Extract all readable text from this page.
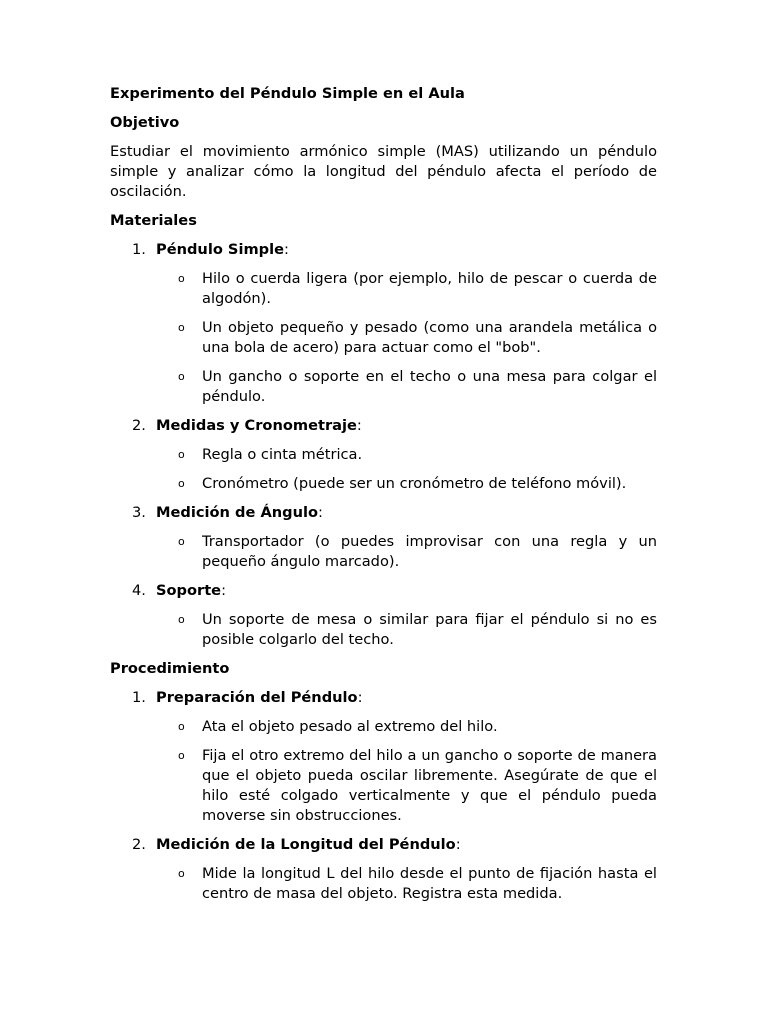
Experimento del Péndulo Simple en el Aula
Objetivo
Estudiar el movimiento armónico simple (MAS) utilizando un péndulo simple y analizar cómo la longitud del péndulo afecta el período de oscilación.
Materiales
1. Péndulo Simple:
o Hilo o cuerda ligera (por ejemplo, hilo de pescar o cuerda de algodón).
o Un objeto pequeño y pesado (como una arandela metálica o una bola de acero) para actuar como el "bob".
o Un gancho o soporte en el techo o una mesa para colgar el péndulo.
2. Medidas y Cronometraje:
o Regla o cinta métrica.
o Cronómetro (puede ser un cronómetro de teléfono móvil).
3. Medición de Ángulo:
o Transportador (o puedes improvisar con una regla y un pequeño ángulo marcado).
4. Soporte:
o Un soporte de mesa o similar para fijar el péndulo si no es posible colgarlo del techo.
Procedimiento
1. Preparación del Péndulo:
o Ata el objeto pesado al extremo del hilo.
o Fija el otro extremo del hilo a un gancho o soporte de manera que el objeto pueda oscilar libremente. Asegúrate de que el hilo esté colgado verticalmente y que el péndulo pueda moverse sin obstrucciones.
2. Medición de la Longitud del Péndulo:
o Mide la longitud L del hilo desde el punto de fijación hasta el centro de masa del objeto. Registra esta medida.
